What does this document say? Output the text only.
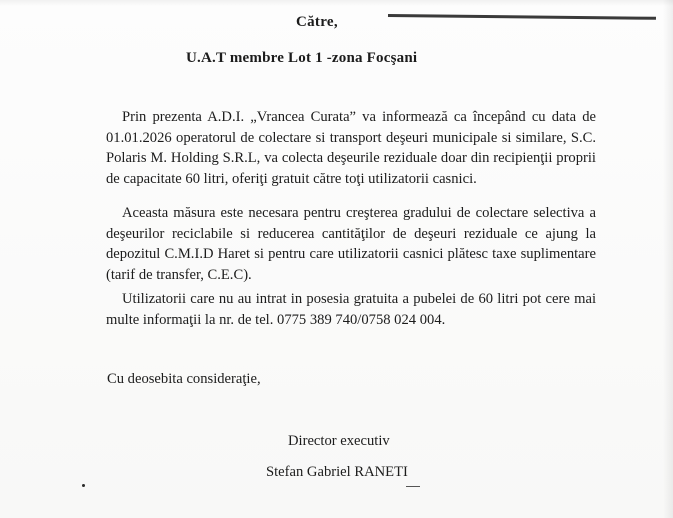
Către,
U.A.T membre Lot 1 -zona Focşani

Prin prezenta A.D.I. „Vrancea Curata” va informează ca începând cu data de 01.01.2026 operatorul de colectare si transport deşeuri municipale si similare, S.C. Polaris M. Holding S.R.L, va colecta deşeurile reziduale doar din recipienţii proprii de capacitate 60 litri, oferiţi gratuit către toţi utilizatorii casnici.

Aceasta măsura este necesara pentru creşterea gradului de colectare selectiva a deşeurilor reciclabile si reducerea cantităţilor de deşeuri reziduale ce ajung la depozitul C.M.I.D Haret si pentru care utilizatorii casnici plătesc taxe suplimentare (tarif de transfer, C.E.C).

Utilizatorii care nu au intrat in posesia gratuita a pubelei de 60 litri pot cere mai multe informaţii la nr. de tel. 0775 389 740/0758 024 004.

Cu deosebita consideraţie,
Director executiv
Stefan Gabriel RANETI
